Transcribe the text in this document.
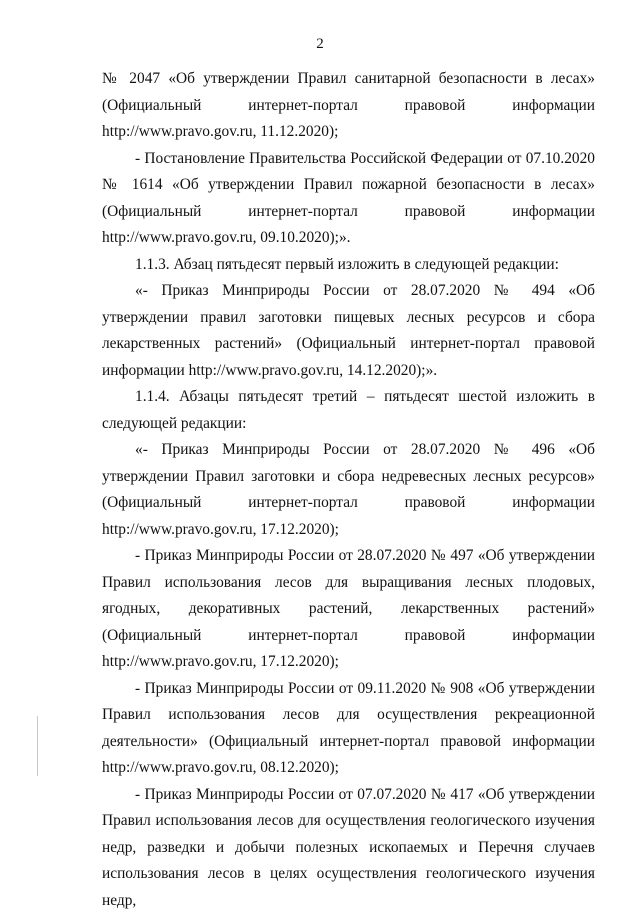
2

№ 2047 «Об утверждении Правил санитарной безопасности в лесах» (Официальный интернет-портал правовой информации http://www.pravo.gov.ru, 11.12.2020);

- Постановление Правительства Российской Федерации от 07.10.2020 № 1614 «Об утверждении Правил пожарной безопасности в лесах» (Официальный интернет-портал правовой информации http://www.pravo.gov.ru, 09.10.2020);».

1.1.3. Абзац пятьдесят первый изложить в следующей редакции:

«- Приказ Минприроды России от 28.07.2020 № 494 «Об утверждении правил заготовки пищевых лесных ресурсов и сбора лекарственных растений» (Официальный интернет-портал правовой информации http://www.pravo.gov.ru, 14.12.2020);».

1.1.4. Абзацы пятьдесят третий – пятьдесят шестой изложить в следующей редакции:

«- Приказ Минприроды России от 28.07.2020 № 496 «Об утверждении Правил заготовки и сбора недревесных лесных ресурсов» (Официальный интернет-портал правовой информации http://www.pravo.gov.ru, 17.12.2020);

- Приказ Минприроды России от 28.07.2020 № 497 «Об утверждении Правил использования лесов для выращивания лесных плодовых, ягодных, декоративных растений, лекарственных растений» (Официальный интернет-портал правовой информации http://www.pravo.gov.ru, 17.12.2020);

- Приказ Минприроды России от 09.11.2020 № 908 «Об утверждении Правил использования лесов для осуществления рекреационной деятельности» (Официальный интернет-портал правовой информации http://www.pravo.gov.ru, 08.12.2020);

- Приказ Минприроды России от 07.07.2020 № 417 «Об утверждении Правил использования лесов для осуществления геологического изучения недр, разведки и добычи полезных ископаемых и Перечня случаев использования лесов в целях осуществления геологического изучения недр,
